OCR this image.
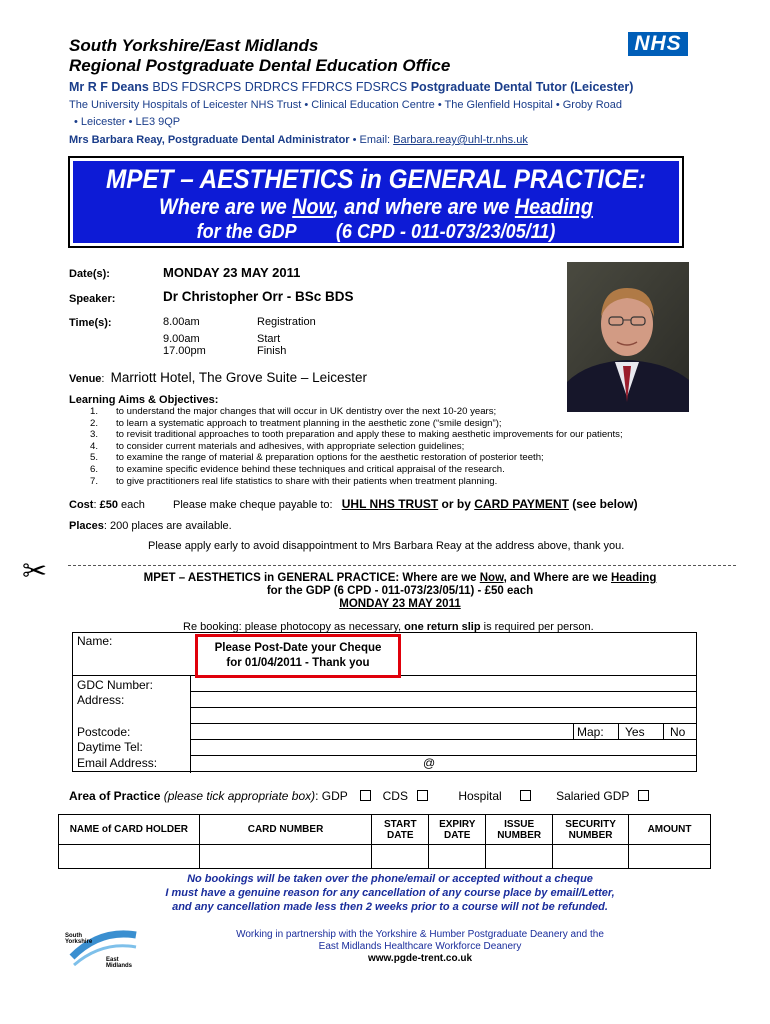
South Yorkshire/East Midlands
Regional Postgraduate Dental Education Office
NHS
Mr R F Deans BDS FDSRCPS DRDRCS FFDRCS FDSRCS Postgraduate Dental Tutor (Leicester)
The University Hospitals of Leicester NHS Trust • Clinical Education Centre • The Glenfield Hospital • Groby Road
• Leicester • LE3 9QP
Mrs Barbara Reay, Postgraduate Dental Administrator • Email: Barbara.reay@uhl-tr.nhs.uk
MPET – AESTHETICS in GENERAL PRACTICE:
Where are we Now, and where are we Heading
for the GDP        (6 CPD - 011-073/23/05/11)
Date(s):	MONDAY 23 MAY 2011
Speaker:	Dr Christopher Orr - BSc BDS
Time(s):	8.00am	Registration
9.00am	Start
17.00pm	Finish
Venue: Marriott Hotel, The Grove Suite – Leicester
Learning Aims & Objectives:
1.	to understand the major changes that will occur in UK dentistry over the next 10-20 years;
2.	to learn a systematic approach to treatment planning in the aesthetic zone (“smile design”);
3.	to revisit traditional approaches to tooth preparation and apply these to making aesthetic improvements for our patients;
4.	to consider current materials and adhesives, with appropriate selection guidelines;
5.	to examine the range of material & preparation options for the aesthetic restoration of posterior teeth;
6.	to examine specific evidence behind these techniques and critical appraisal of the research.
7.	to give practitioners real life statistics to share with their patients when treatment planning.
Cost: £50 each	Please make cheque payable to: UHL NHS TRUST or by CARD PAYMENT (see below)
Places: 200 places are available.
Please apply early to avoid disappointment to Mrs Barbara Reay at the address above, thank you.
✂	MPET – AESTHETICS in GENERAL PRACTICE: Where are we Now, and Where are we Heading
for the GDP (6 CPD - 011-073/23/05/11) - £50 each
MONDAY 23 MAY 2011
Re booking: please photocopy as necessary, one return slip is required per person.
Name:
GDC Number:
Address:
Postcode:	Map: Yes No
Daytime Tel:
Email Address:	@
Please Post-Date your Cheque
for 01/04/2011 - Thank you
Area of Practice (please tick appropriate box): GDP	CDS	Hospital	Salaried GDP
NAME of CARD HOLDER	CARD NUMBER	START DATE	EXPIRY DATE	ISSUE NUMBER	SECURITY NUMBER	AMOUNT

No bookings will be taken over the phone/email or accepted without a cheque
I must have a genuine reason for any cancellation of any course place by email/Letter,
and any cancellation made less then 2 weeks prior to a course will not be refunded.
South
Yorkshire
East
Midlands
Working in partnership with the Yorkshire & Humber Postgraduate Deanery and the
East Midlands Healthcare Workforce Deanery
www.pgde-trent.co.uk
